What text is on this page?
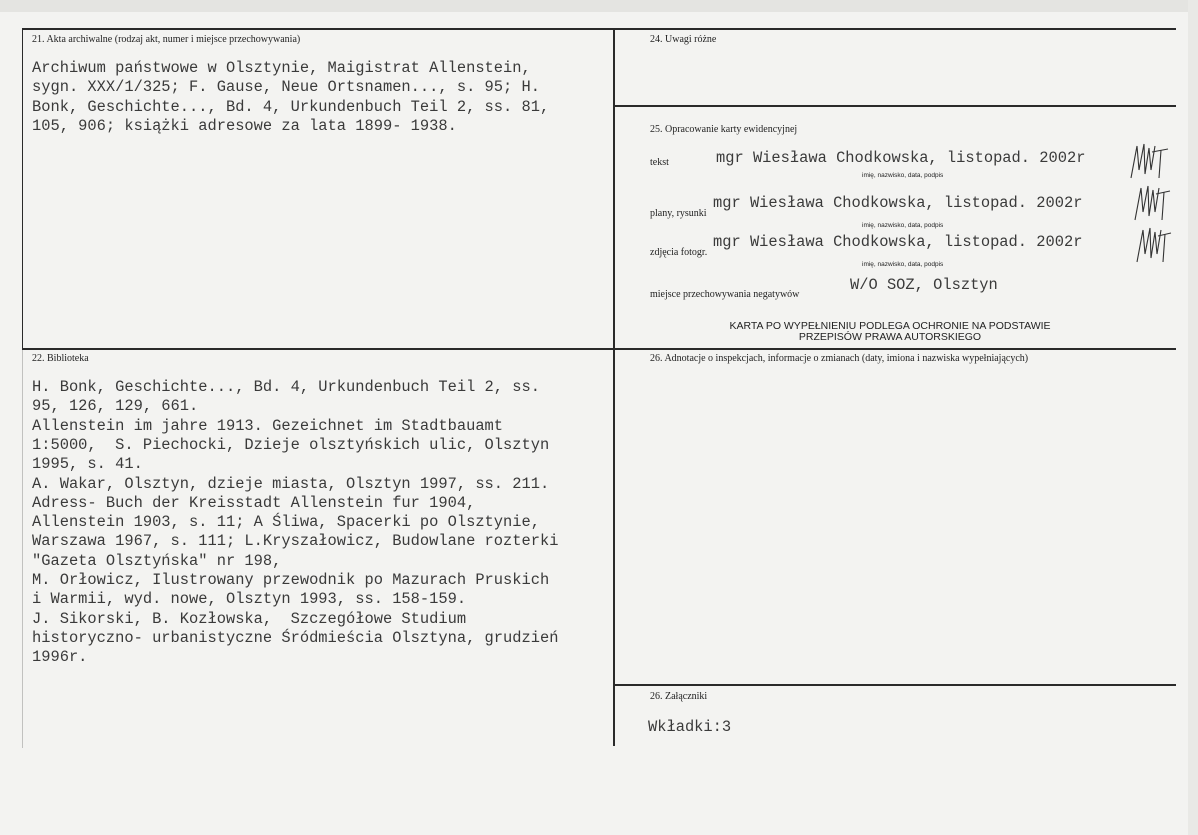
21. Akta archiwalne (rodzaj akt, numer i miejsce przechowywania)
Archiwum państwowe w Olsztynie, Maigistrat Allenstein,
sygn. XXX/1/325; F. Gause, Neue Ortsnamen..., s. 95; H.
Bonk, Geschichte..., Bd. 4, Urkundenbuch Teil 2, ss. 81,
105, 906; książki adresowe za lata 1899- 1938.
24. Uwagi różne
25. Opracowanie karty ewidencyjnej
tekst	mgr Wiesława Chodkowska, listopad. 2002r
imię, nazwisko, data, podpis
plany, rysunki
mgr Wiesława Chodkowska, listopad. 2002r
imię, nazwisko, data, podpis
zdjęcia fotogr.
mgr Wiesława Chodkowska, listopad. 2002r
imię, nazwisko, data, podpis
miejsce przechowywania negatywów
W/O SOZ, Olsztyn
KARTA PO WYPEŁNIENIU PODLEGA OCHRONIE NA PODSTAWIE
PRZEPISÓW PRAWA AUTORSKIEGO
22. Biblioteka
H. Bonk, Geschichte..., Bd. 4, Urkundenbuch Teil 2, ss.
95, 126, 129, 661.
Allenstein im jahre 1913. Gezeichnet im Stadtbauamt
1:5000,  S. Piechocki, Dzieje olsztyńskich ulic, Olsztyn
1995, s. 41.
A. Wakar, Olsztyn, dzieje miasta, Olsztyn 1997, ss. 211.
Adress- Buch der Kreisstadt Allenstein fur 1904,
Allenstein 1903, s. 11; A Śliwa, Spacerki po Olsztynie,
Warszawa 1967, s. 111; L.Kryszałowicz, Budowlane rozterki
"Gazeta Olsztyńska" nr 198,
M. Orłowicz, Ilustrowany przewodnik po Mazurach Pruskich
i Warmii, wyd. nowe, Olsztyn 1993, ss. 158-159.
J. Sikorski, B. Kozłowska,  Szczegółowe Studium
historyczno- urbanistyczne Śródmieścia Olsztyna, grudzień
1996r.
26. Adnotacje o inspekcjach, informacje o zmianach (daty, imiona i nazwiska wypełniających)
26. Załączniki
Wkładki:3
